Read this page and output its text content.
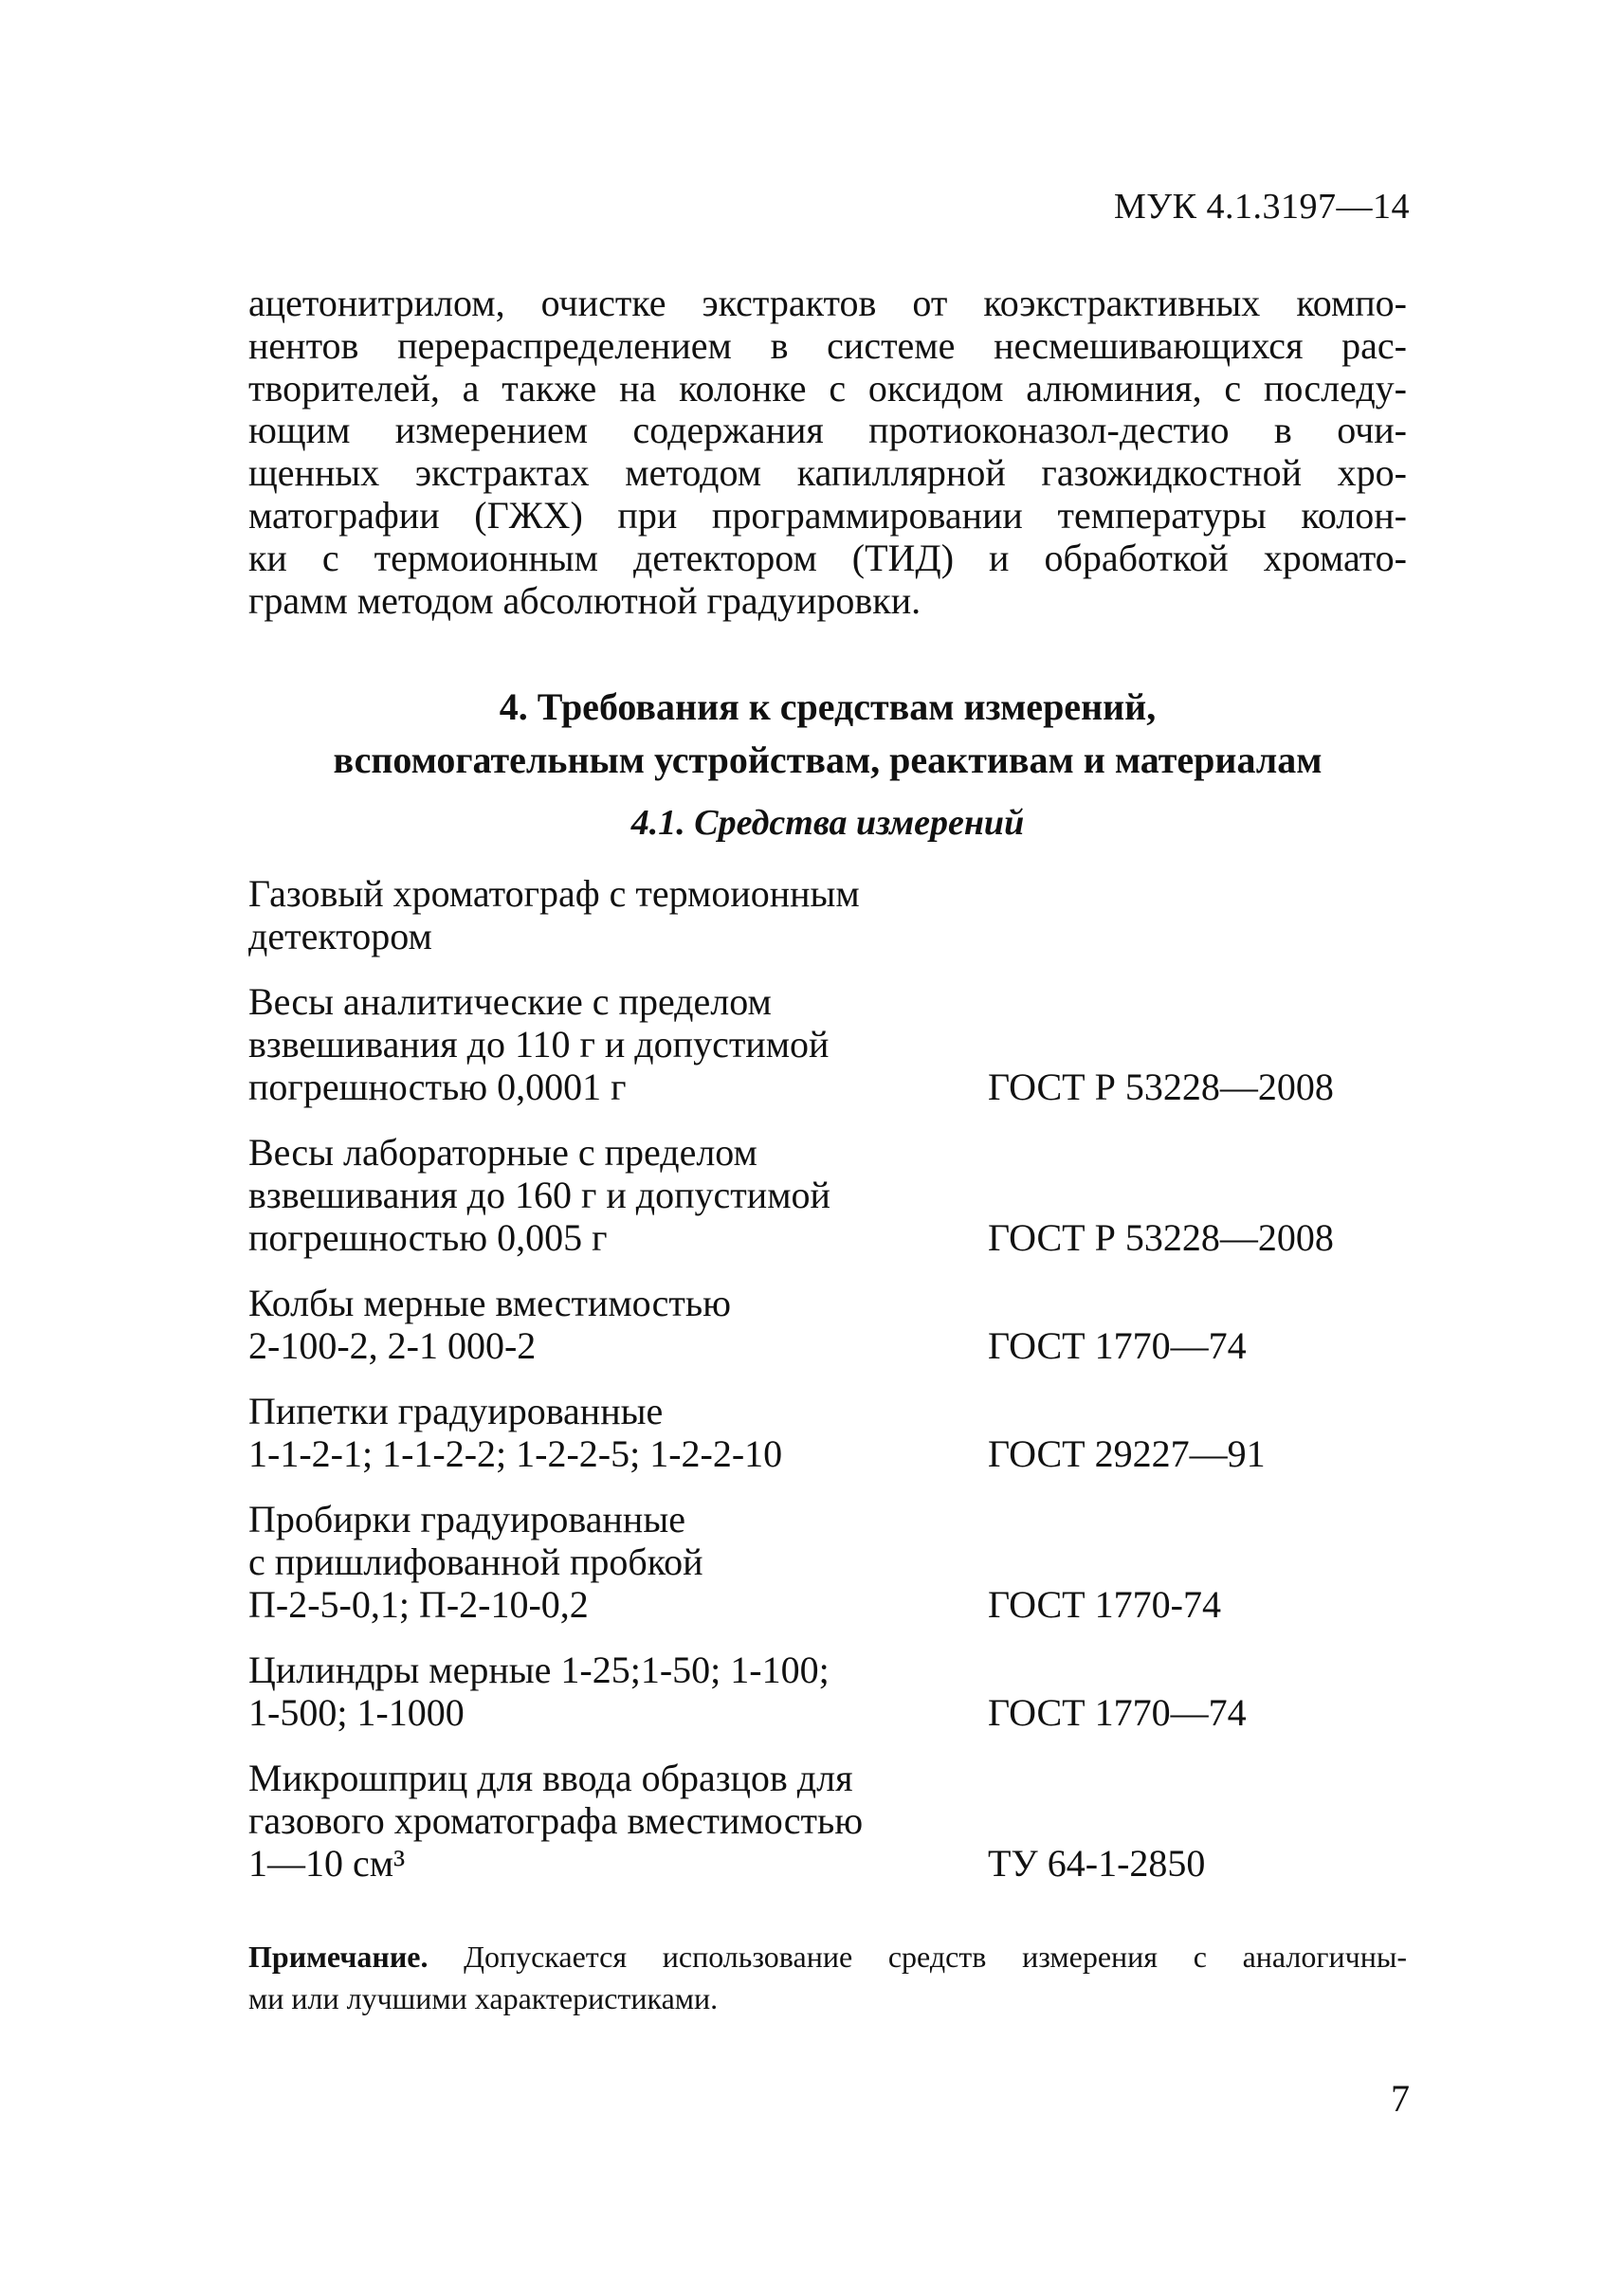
МУК 4.1.3197—14
ацетонитрилом, очистке экстрактов от коэкстрактивных компо-
нентов перераспределением в системе несмешивающихся рас-
творителей, а также на колонке с оксидом алюминия, с последу-
ющим измерением содержания протиоконазол-дестио в очи-
щенных экстрактах методом капиллярной газожидкостной хро-
матографии (ГЖХ) при программировании температуры колон-
ки с термоионным детектором (ТИД) и обработкой хромато-
грамм методом абсолютной градуировки.
4. Требования к средствам измерений,
вспомогательным устройствам, реактивам и материалам
4.1. Средства измерений
Газовый хроматограф с термоионным
детектором
Весы аналитические с пределом
взвешивания до 110 г и допустимой
погрешностью 0,0001 г	ГОСТ Р 53228—2008
Весы лабораторные с пределом
взвешивания до 160 г и допустимой
погрешностью 0,005 г	ГОСТ Р 53228—2008
Колбы мерные вместимостью
2-100-2, 2-1 000-2	ГОСТ 1770—74
Пипетки градуированные
1-1-2-1; 1-1-2-2; 1-2-2-5; 1-2-2-10	ГОСТ 29227—91
Пробирки градуированные
с пришлифованной пробкой
П-2-5-0,1; П-2-10-0,2	ГОСТ 1770-74
Цилиндры мерные 1-25;1-50; 1-100;
1-500; 1-1000	ГОСТ 1770—74
Микрошприц для ввода образцов для
газового хроматографа вместимостью
1—10 см³	ТУ 64-1-2850
Примечание. Допускается использование средств измерения с аналогичны-
ми или лучшими характеристиками.
7
